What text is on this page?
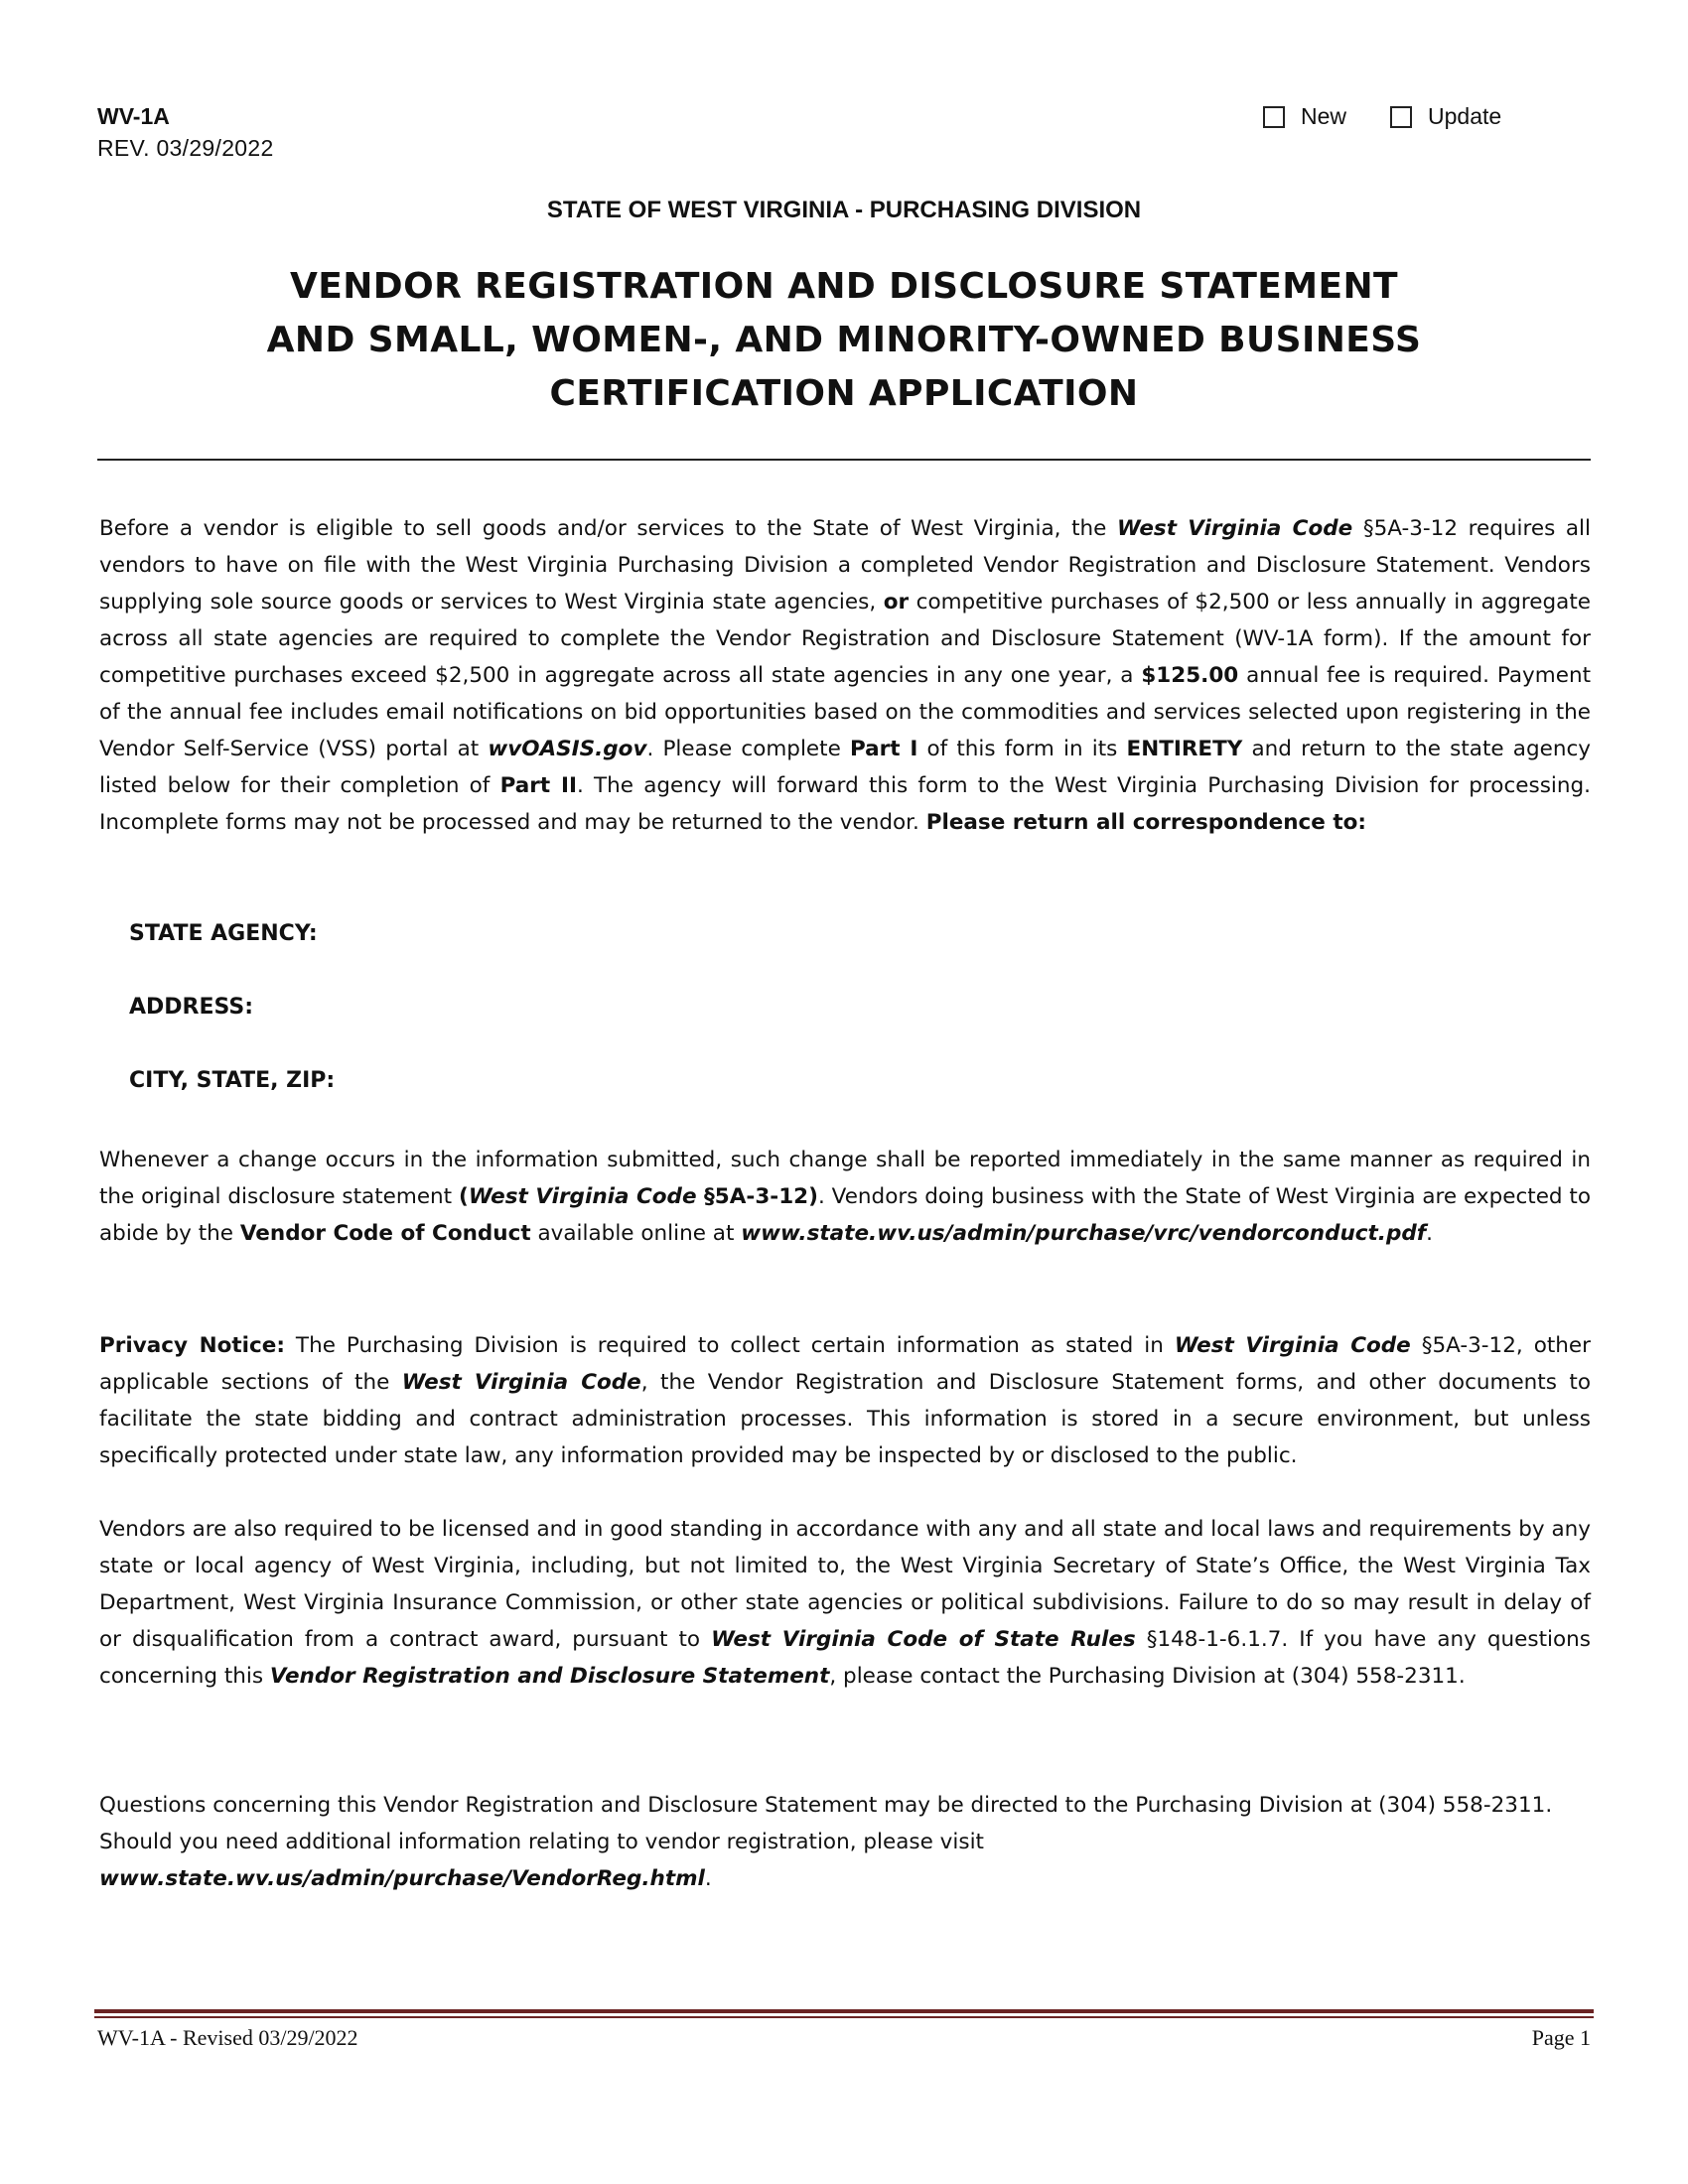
WV-1A
REV. 03/29/2022
New	Update
STATE OF WEST VIRGINIA - PURCHASING DIVISION
VENDOR REGISTRATION AND DISCLOSURE STATEMENT
AND SMALL, WOMEN-, AND MINORITY-OWNED BUSINESS
CERTIFICATION APPLICATION

Before a vendor is eligible to sell goods and/or services to the State of West Virginia, the West Virginia Code §5A-3-12 requires all vendors to have on file with the West Virginia Purchasing Division a completed Vendor Registration and Disclosure Statement. Vendors supplying sole source goods or services to West Virginia state agencies, or competitive purchases of $2,500 or less annually in aggregate across all state agencies are required to complete the Vendor Registration and Disclosure Statement (WV-1A form). If the amount for competitive purchases exceed $2,500 in aggregate across all state agencies in any one year, a $125.00 annual fee is required. Payment of the annual fee includes email notifications on bid opportunities based on the commodities and services selected upon registering in the Vendor Self-Service (VSS) portal at wvOASIS.gov. Please complete Part I of this form in its ENTIRETY and return to the state agency listed below for their completion of Part II. The agency will forward this form to the West Virginia Purchasing Division for processing. Incomplete forms may not be processed and may be returned to the vendor. Please return all correspondence to:

STATE AGENCY:
ADDRESS:
CITY, STATE, ZIP:

Whenever a change occurs in the information submitted, such change shall be reported immediately in the same manner as required in the original disclosure statement (West Virginia Code §5A-3-12). Vendors doing business with the State of West Virginia are expected to abide by the Vendor Code of Conduct available online at www.state.wv.us/admin/purchase/vrc/vendorconduct.pdf.

Privacy Notice: The Purchasing Division is required to collect certain information as stated in West Virginia Code §5A-3-12, other applicable sections of the West Virginia Code, the Vendor Registration and Disclosure Statement forms, and other documents to facilitate the state bidding and contract administration processes. This information is stored in a secure environment, but unless specifically protected under state law, any information provided may be inspected by or disclosed to the public.

Vendors are also required to be licensed and in good standing in accordance with any and all state and local laws and requirements by any state or local agency of West Virginia, including, but not limited to, the West Virginia Secretary of State’s Office, the West Virginia Tax Department, West Virginia Insurance Commission, or other state agencies or political subdivisions. Failure to do so may result in delay of or disqualification from a contract award, pursuant to West Virginia Code of State Rules §148-1-6.1.7. If you have any questions concerning this Vendor Registration and Disclosure Statement, please contact the Purchasing Division at (304) 558-2311.

Questions concerning this Vendor Registration and Disclosure Statement may be directed to the Purchasing Division at (304) 558-2311. Should you need additional information relating to vendor registration, please visit www.state.wv.us/admin/purchase/VendorReg.html.

WV-1A - Revised 03/29/2022	Page 1
